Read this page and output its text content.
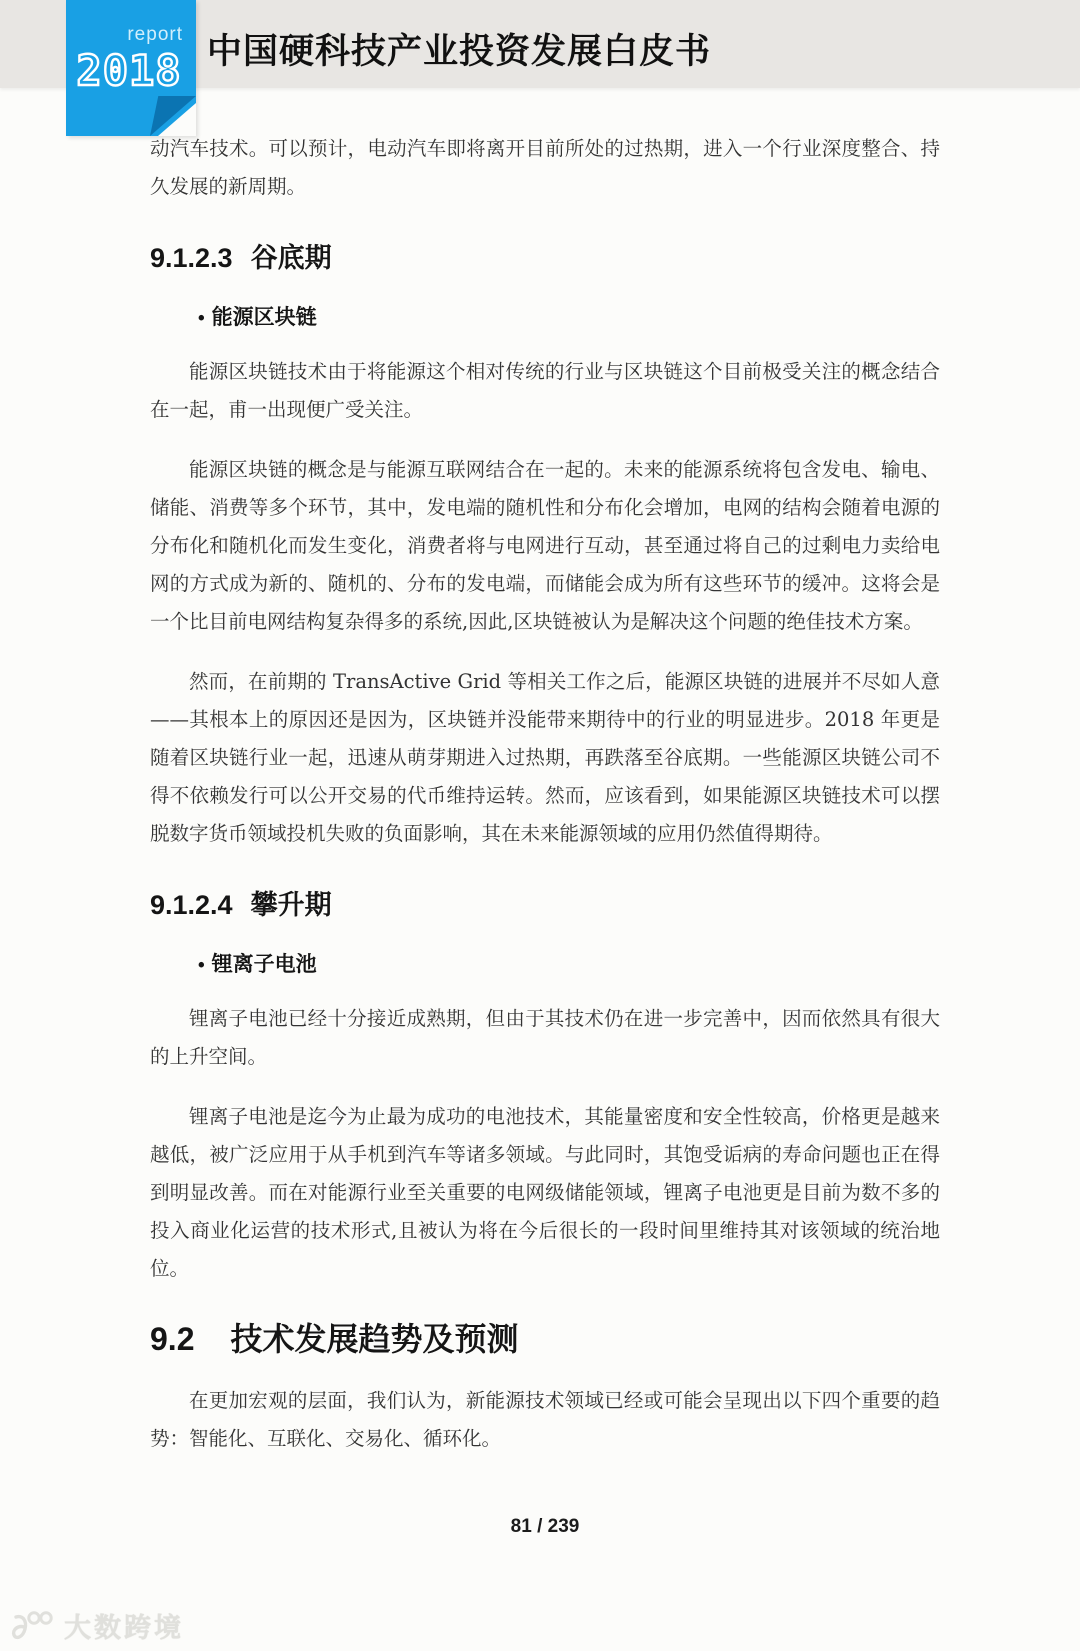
report
2018 中国硬科技产业投资发展白皮书

动汽车技术。可以预计，电动汽车即将离开目前所处的过热期，进入一个行业深度整合、持久发展的新周期。

9.1.2.3 谷底期
• 能源区块链

能源区块链技术由于将能源这个相对传统的行业与区块链这个目前极受关注的概念结合在一起，甫一出现便广受关注。

能源区块链的概念是与能源互联网结合在一起的。未来的能源系统将包含发电、输电、储能、消费等多个环节，其中，发电端的随机性和分布化会增加，电网的结构会随着电源的分布化和随机化而发生变化，消费者将与电网进行互动，甚至通过将自己的过剩电力卖给电网的方式成为新的、随机的、分布的发电端，而储能会成为所有这些环节的缓冲。这将会是一个比目前电网结构复杂得多的系统,因此,区块链被认为是解决这个问题的绝佳技术方案。

然而，在前期的 TransActive Grid 等相关工作之后，能源区块链的进展并不尽如人意——其根本上的原因还是因为，区块链并没能带来期待中的行业的明显进步。2018 年更是随着区块链行业一起，迅速从萌芽期进入过热期，再跌落至谷底期。一些能源区块链公司不得不依赖发行可以公开交易的代币维持运转。然而，应该看到，如果能源区块链技术可以摆脱数字货币领域投机失败的负面影响，其在未来能源领域的应用仍然值得期待。

9.1.2.4 攀升期
• 锂离子电池

锂离子电池已经十分接近成熟期，但由于其技术仍在进一步完善中，因而依然具有很大的上升空间。

锂离子电池是迄今为止最为成功的电池技术，其能量密度和安全性较高，价格更是越来越低，被广泛应用于从手机到汽车等诸多领域。与此同时，其饱受诟病的寿命问题也正在得到明显改善。而在对能源行业至关重要的电网级储能领域，锂离子电池更是目前为数不多的投入商业化运营的技术形式,且被认为将在今后很长的一段时间里维持其对该领域的统治地位。

9.2 技术发展趋势及预测

在更加宏观的层面，我们认为，新能源技术领域已经或可能会呈现出以下四个重要的趋势：智能化、互联化、交易化、循环化。

81 / 239
大数跨境
